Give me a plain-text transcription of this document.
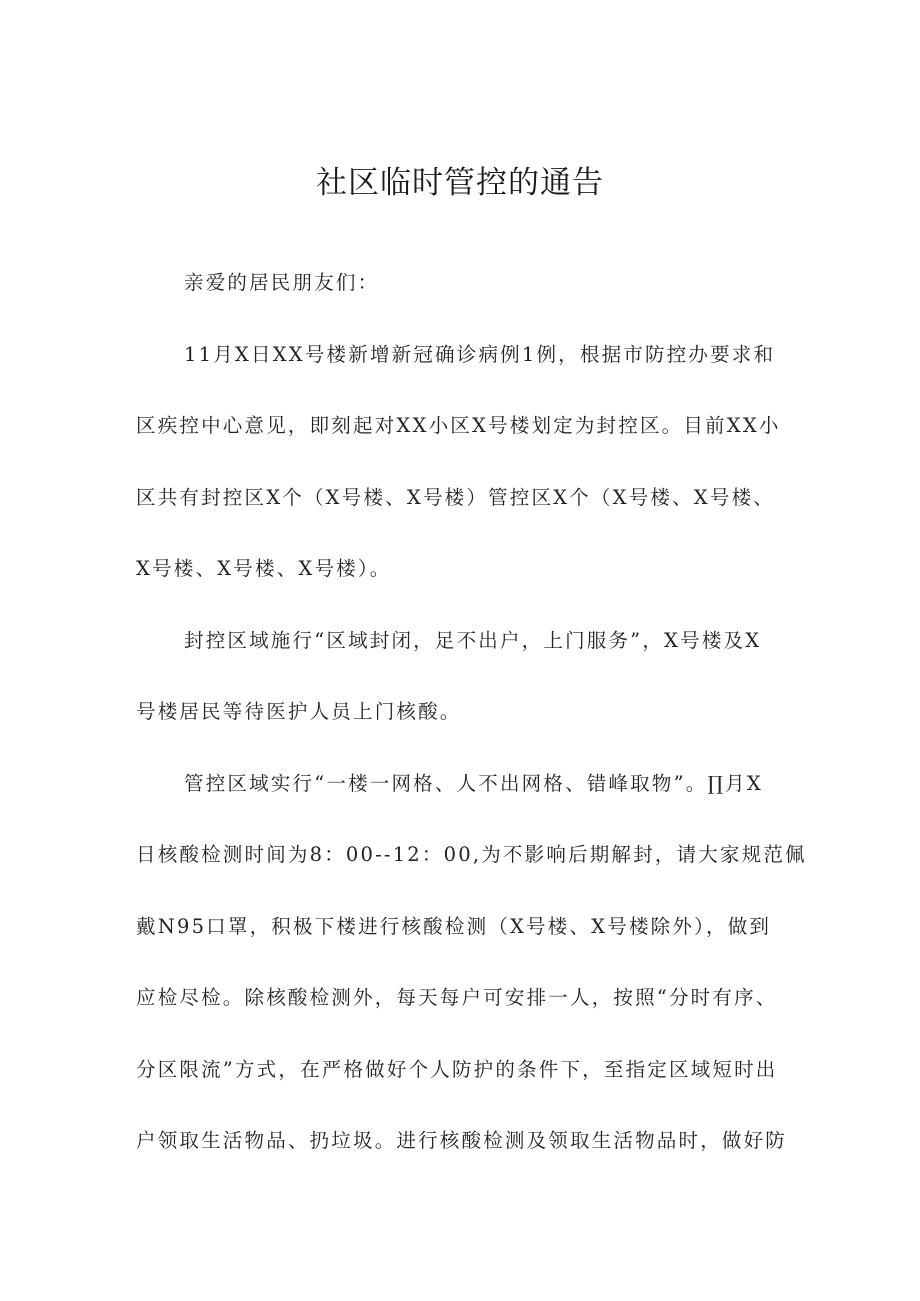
社区临时管控的通告
亲爱的居民朋友们：
11月X日XX号楼新增新冠确诊病例1例，根据市防控办要求和
区疾控中心意见，即刻起对XX小区X号楼划定为封控区。目前XX小
区共有封控区X个（X号楼、X号楼）管控区X个（X号楼、X号楼、
X号楼、X号楼、X号楼）。
封控区域施行“区域封闭，足不出户，上门服务”，X号楼及X
号楼居民等待医护人员上门核酸。
管控区域实行“一楼一网格、人不出网格、错峰取物”。∏月X
日核酸检测时间为8：00--12：00,为不影响后期解封，请大家规范佩
戴N95口罩，积极下楼进行核酸检测（X号楼、X号楼除外），做到
应检尽检。除核酸检测外，每天每户可安排一人，按照“分时有序、
分区限流”方式，在严格做好个人防护的条件下，至指定区域短时出
户领取生活物品、扔垃圾。进行核酸检测及领取生活物品时，做好防
